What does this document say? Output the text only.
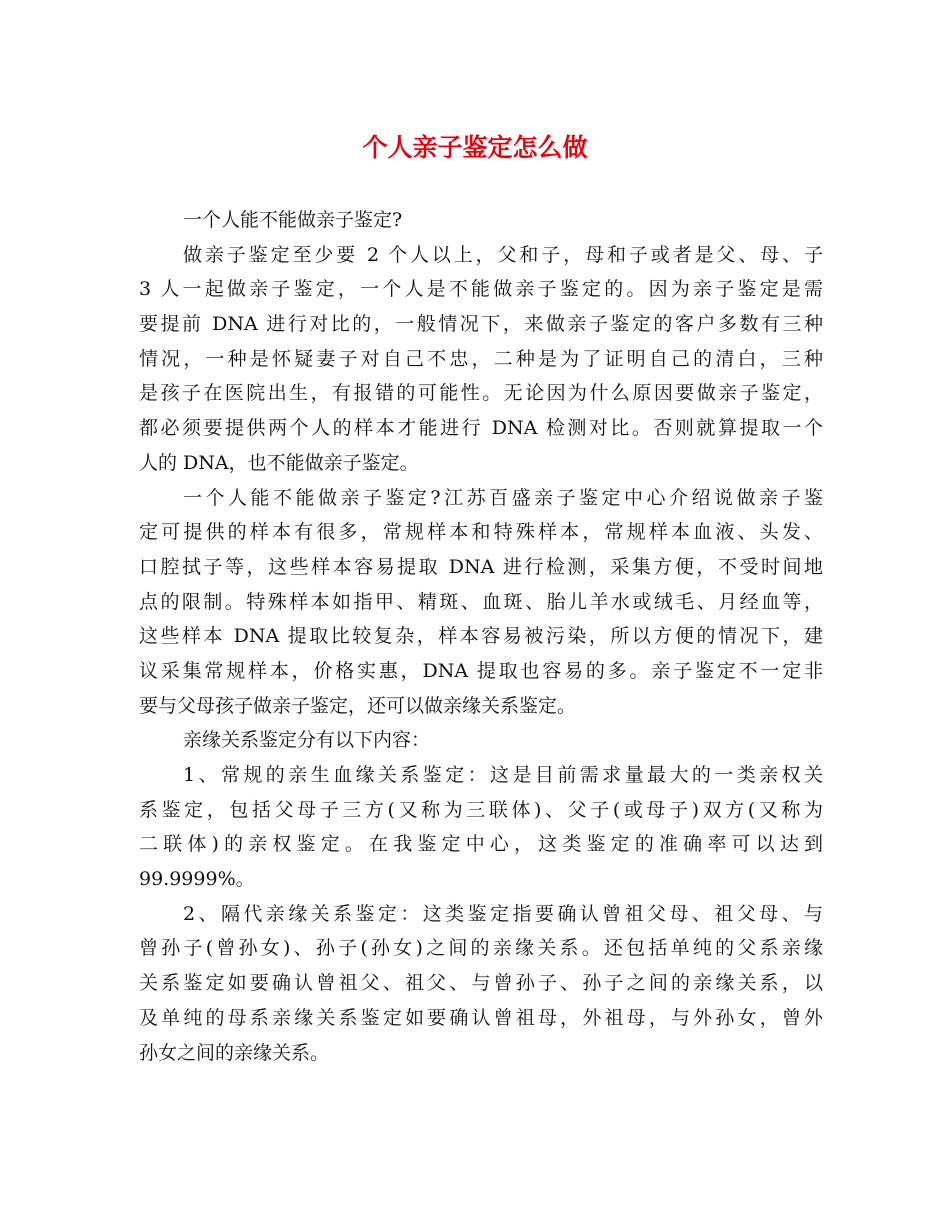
个人亲子鉴定怎么做
一个人能不能做亲子鉴定?
做亲子鉴定至少要 2 个人以上，父和子，母和子或者是父、母、子
3 人一起做亲子鉴定，一个人是不能做亲子鉴定的。因为亲子鉴定是需
要提前 DNA 进行对比的，一般情况下，来做亲子鉴定的客户多数有三种
情况，一种是怀疑妻子对自己不忠，二种是为了证明自己的清白，三种
是孩子在医院出生，有报错的可能性。无论因为什么原因要做亲子鉴定，
都必须要提供两个人的样本才能进行 DNA 检测对比。否则就算提取一个
人的 DNA，也不能做亲子鉴定。
一个人能不能做亲子鉴定?江苏百盛亲子鉴定中心介绍说做亲子鉴
定可提供的样本有很多，常规样本和特殊样本，常规样本血液、头发、
口腔拭子等，这些样本容易提取 DNA 进行检测，采集方便，不受时间地
点的限制。特殊样本如指甲、精斑、血斑、胎儿羊水或绒毛、月经血等，
这些样本 DNA 提取比较复杂，样本容易被污染，所以方便的情况下，建
议采集常规样本，价格实惠，DNA 提取也容易的多。亲子鉴定不一定非
要与父母孩子做亲子鉴定，还可以做亲缘关系鉴定。
亲缘关系鉴定分有以下内容：
1、常规的亲生血缘关系鉴定：这是目前需求量最大的一类亲权关
系鉴定，包括父母子三方(又称为三联体)、父子(或母子)双方(又称为
二联体)的亲权鉴定。在我鉴定中心，这类鉴定的准确率可以达到
99.9999%。
2、隔代亲缘关系鉴定：这类鉴定指要确认曾祖父母、祖父母、与
曾孙子(曾孙女)、孙子(孙女)之间的亲缘关系。还包括单纯的父系亲缘
关系鉴定如要确认曾祖父、祖父、与曾孙子、孙子之间的亲缘关系，以
及单纯的母系亲缘关系鉴定如要确认曾祖母，外祖母，与外孙女，曾外
孙女之间的亲缘关系。
